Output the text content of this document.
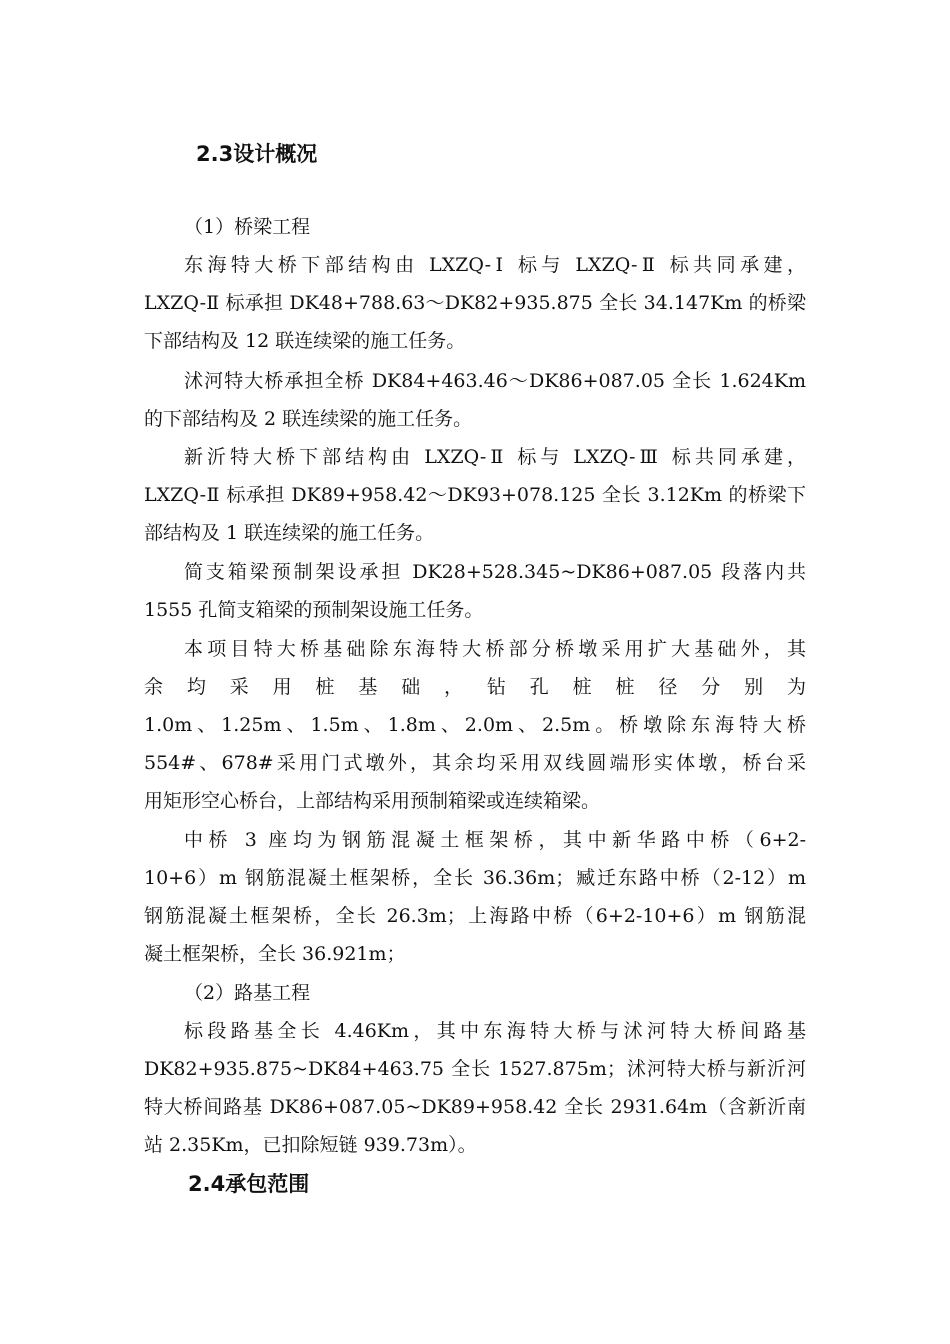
2.3设计概况

（1）桥梁工程

东海特大桥下部结构由 LXZQ-Ⅰ 标与 LXZQ-Ⅱ 标共同承建，

LXZQ-Ⅱ 标承担 DK48+788.63～DK82+935.875 全长 34.147Km 的桥梁

下部结构及 12 联连续梁的施工任务。

沭河特大桥承担全桥 DK84+463.46～DK86+087.05 全长 1.624Km

的下部结构及 2 联连续梁的施工任务。

新沂特大桥下部结构由 LXZQ-Ⅱ 标与 LXZQ-Ⅲ 标共同承建，

LXZQ-Ⅱ 标承担 DK89+958.42～DK93+078.125 全长 3.12Km 的桥梁下

部结构及 1 联连续梁的施工任务。

简支箱梁预制架设承担 DK28+528.345~DK86+087.05 段落内共

1555 孔简支箱梁的预制架设施工任务。

本项目特大桥基础除东海特大桥部分桥墩采用扩大基础外，其

余 均 采 用 桩 基 础 ， 钻 孔 桩 桩 径 分 别 为

1.0m、1.25m、1.5m、1.8m、2.0m、2.5m。桥墩除东海特大桥

554#、678#采用门式墩外，其余均采用双线圆端形实体墩，桥台采

用矩形空心桥台，上部结构采用预制箱梁或连续箱梁。

中桥 3 座均为钢筋混凝土框架桥，其中新华路中桥（6+2-

10+6）m 钢筋混凝土框架桥，全长 36.36m；臧迁东路中桥（2-12）m

钢筋混凝土框架桥，全长 26.3m；上海路中桥（6+2-10+6）m 钢筋混

凝土框架桥，全长 36.921m；

（2）路基工程

标段路基全长 4.46Km，其中东海特大桥与沭河特大桥间路基

DK82+935.875~DK84+463.75 全长 1527.875m；沭河特大桥与新沂河

特大桥间路基 DK86+087.05~DK89+958.42 全长 2931.64m（含新沂南

站 2.35Km，已扣除短链 939.73m）。

2.4承包范围
